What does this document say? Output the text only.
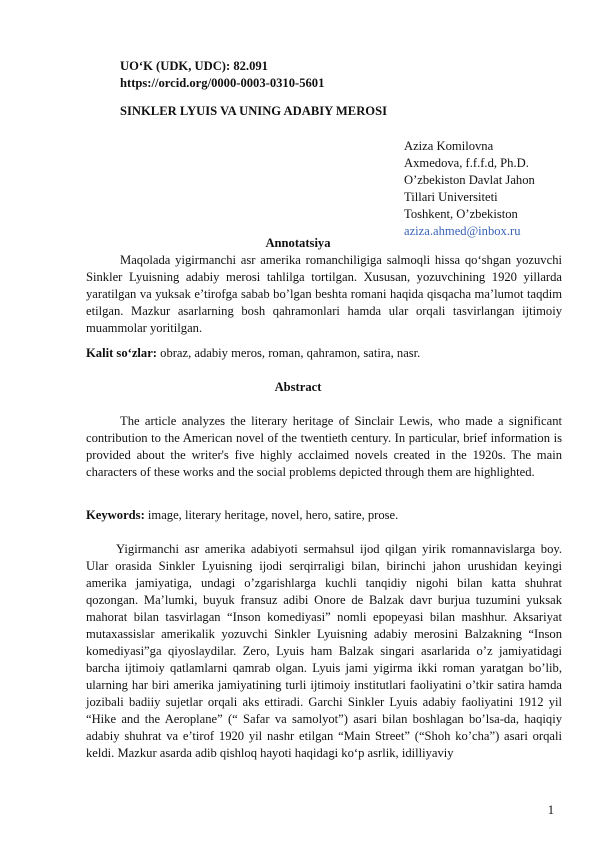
UO‘K (UDK, UDC): 82.091
https://orcid.org/0000-0003-0310-5601
SINKLER LYUIS VA UNING ADABIY MEROSI
Aziza Komilovna
Axmedova, f.f.f.d, Ph.D.
O’zbekiston Davlat Jahon
Tillari Universiteti
Toshkent, O’zbekiston
aziza.ahmed@inbox.ru
Annotatsiya
Maqolada yigirmanchi asr amerika romanchiligiga salmoqli hissa qo‘shgan yozuvchi Sinkler Lyuisning adabiy merosi tahlilga tortilgan. Xususan, yozuvchining 1920 yillarda yaratilgan va yuksak e’tirofga sabab bo’lgan beshta romani haqida qisqacha ma’lumot taqdim etilgan. Mazkur asarlarning bosh qahramonlari hamda ular orqali tasvirlangan ijtimoiy muammolar yoritilgan.
Kalit so‘zlar: obraz, adabiy meros, roman, qahramon, satira, nasr.
Abstract
The article analyzes the literary heritage of Sinclair Lewis, who made a significant contribution to the American novel of the twentieth century. In particular, brief information is provided about the writer's five highly acclaimed novels created in the 1920s. The main characters of these works and the social problems depicted through them are highlighted.
Keywords: image, literary heritage, novel, hero, satire, prose.
Yigirmanchi asr amerika adabiyoti sermahsul ijod qilgan yirik romannavislarga boy. Ular orasida Sinkler Lyuisning ijodi serqirraligi bilan, birinchi jahon urushidan keyingi amerika jamiyatiga, undagi o’zgarishlarga kuchli tanqidiy nigohi bilan katta shuhrat qozongan. Ma’lumki, buyuk fransuz adibi Onore de Balzak davr burjua tuzumini yuksak mahorat bilan tasvirlagan “Inson komediyasi” nomli epopeyasi bilan mashhur. Aksariyat mutaxassislar amerikalik yozuvchi Sinkler Lyuisning adabiy merosini Balzakning “Inson komediyasi”ga qiyoslaydilar. Zero, Lyuis ham Balzak singari asarlarida o’z jamiyatidagi barcha ijtimoiy qatlamlarni qamrab olgan. Lyuis jami yigirma ikki roman yaratgan bo’lib, ularning har biri amerika jamiyatining turli ijtimoiy institutlari faoliyatini o’tkir satira hamda jozibali badiiy sujetlar orqali aks ettiradi. Garchi Sinkler Lyuis adabiy faoliyatini 1912 yil “Hike and the Aeroplane” (“ Safar va samolyot”) asari bilan boshlagan bo’lsa-da, haqiqiy adabiy shuhrat va e’tirof 1920 yil nashr etilgan “Main Street” (“Shoh ko’cha”) asari orqali keldi. Mazkur asarda adib qishloq hayoti haqidagi ko‘p asrlik, idilliyaviy
1
